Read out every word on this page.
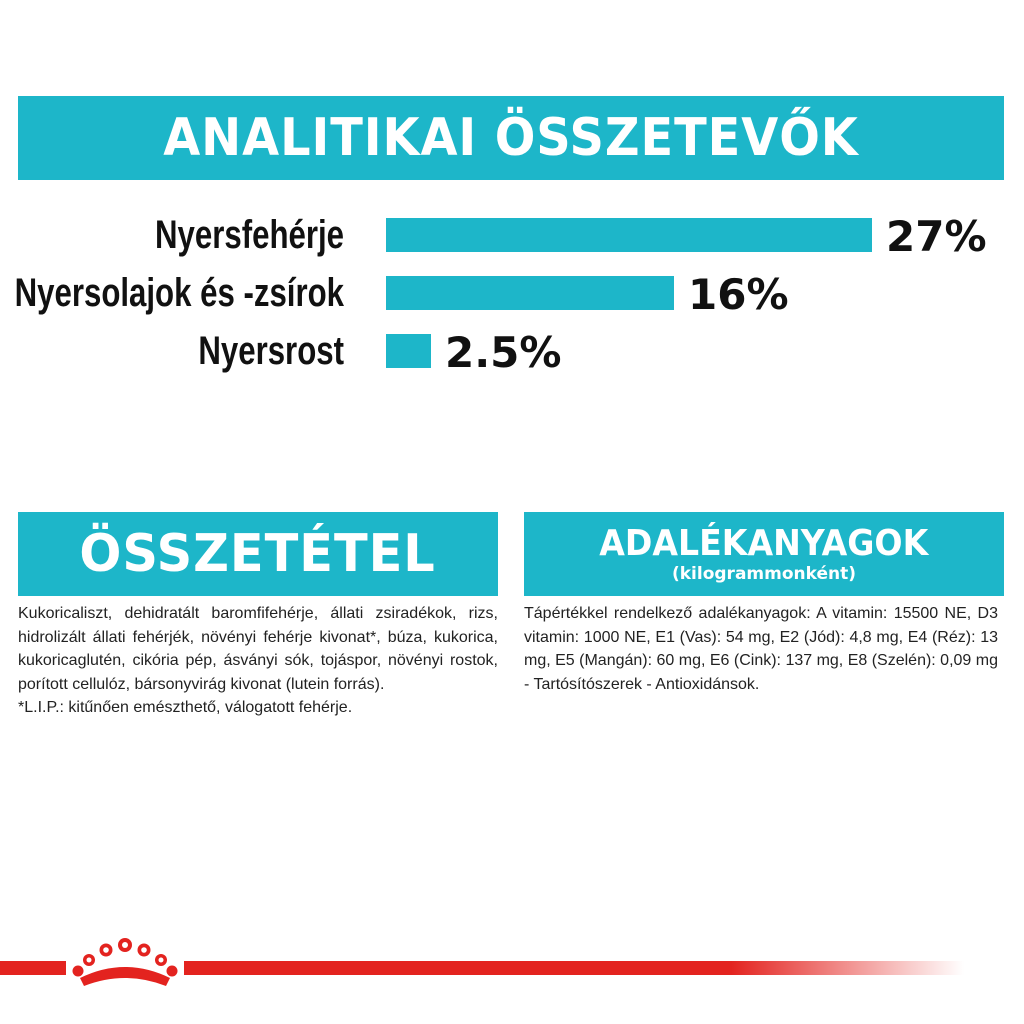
ANALITIKAI ÖSSZETEVŐK
Nyersfehérje	27%
Nyersolajok és -zsírok	16%
Nyersrost 2.5%
ÖSSZETÉTEL	ADALÉKANYAGOK
(kilogrammonként)

Kukoricaliszt, dehidratált baromfifehérje, állati zsiradékok, rizs, hidrolizált állati fehérjék, növényi fehérje kivonat*, búza, kukorica, kukoricaglutén, cikória pép, ásványi sók, tojáspor, növényi rostok, porított cellulóz, bársonyvirág kivonat (lutein forrás).

*L.I.P.: kitűnően emészthető, válogatott fehérje.

Tápértékkel rendelkező adalékanyagok: A vitamin: 15500 NE, D3 vitamin: 1000 NE, E1 (Vas): 54 mg, E2 (Jód): 4,8 mg, E4 (Réz): 13 mg, E5 (Mangán): 60 mg, E6 (Cink): 137 mg, E8 (Szelén): 0,09 mg - Tartósítószerek - Antioxidánsok.
